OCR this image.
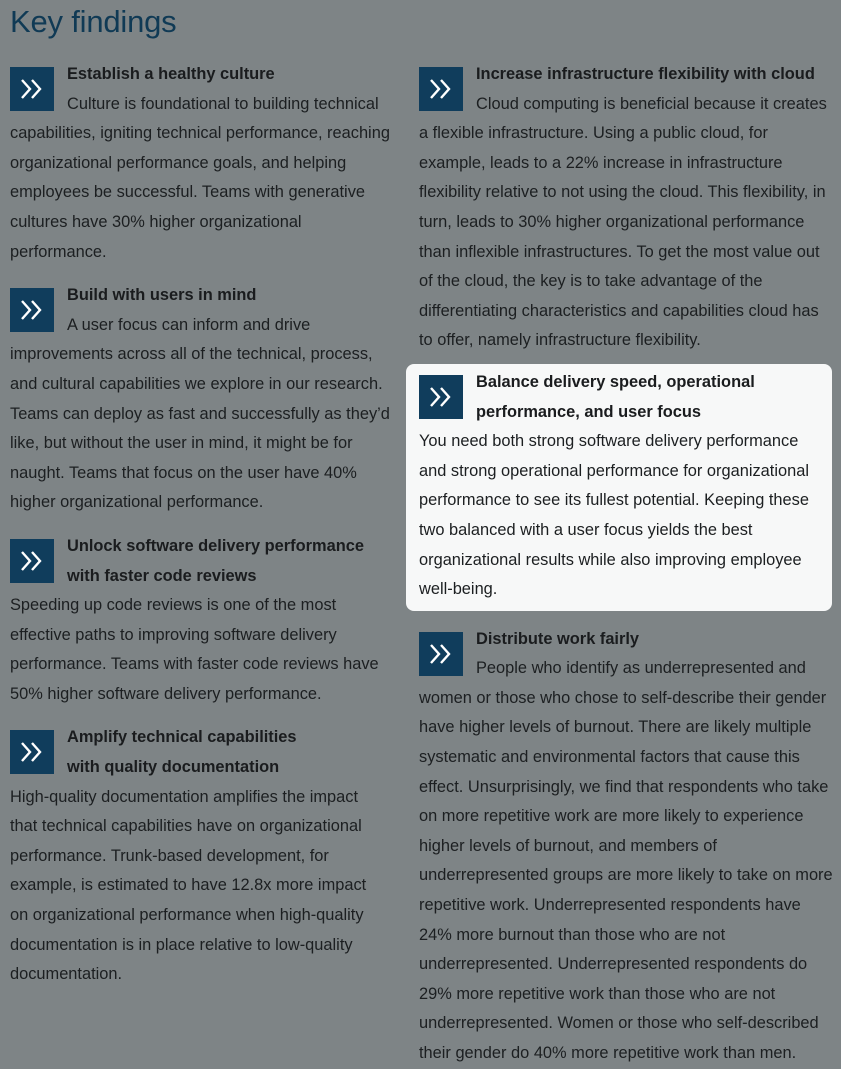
Key findings
Establish a healthy culture
Culture is foundational to building technical capabilities, igniting technical performance, reaching organizational performance goals, and helping employees be successful. Teams with generative cultures have 30% higher organizational performance.
Build with users in mind
A user focus can inform and drive improvements across all of the technical, process, and cultural capabilities we explore in our research. Teams can deploy as fast and successfully as they’d like, but without the user in mind, it might be for naught. Teams that focus on the user have 40% higher organizational performance.
Unlock software delivery performance with faster code reviews
Speeding up code reviews is one of the most effective paths to improving software delivery performance. Teams with faster code reviews have 50% higher software delivery performance.
Amplify technical capabilities with quality documentation
High-quality documentation amplifies the impact that technical capabilities have on organizational performance. Trunk-based development, for example, is estimated to have 12.8x more impact on organizational performance when high-quality documentation is in place relative to low-quality documentation.
Increase infrastructure flexibility with cloud
Cloud computing is beneficial because it creates a flexible infrastructure. Using a public cloud, for example, leads to a 22% increase in infrastructure flexibility relative to not using the cloud. This flexibility, in turn, leads to 30% higher organizational performance than inflexible infrastructures. To get the most value out of the cloud, the key is to take advantage of the differentiating characteristics and capabilities cloud has to offer, namely infrastructure flexibility.
Balance delivery speed, operational performance, and user focus
You need both strong software delivery performance and strong operational performance for organizational performance to see its fullest potential. Keeping these two balanced with a user focus yields the best organizational results while also improving employee well-being.
Distribute work fairly
People who identify as underrepresented and women or those who chose to self-describe their gender have higher levels of burnout. There are likely multiple systematic and environmental factors that cause this effect. Unsurprisingly, we find that respondents who take on more repetitive work are more likely to experience higher levels of burnout, and members of underrepresented groups are more likely to take on more repetitive work. Underrepresented respondents have 24% more burnout than those who are not underrepresented. Underrepresented respondents do 29% more repetitive work than those who are not underrepresented. Women or those who self-described their gender do 40% more repetitive work than men.
